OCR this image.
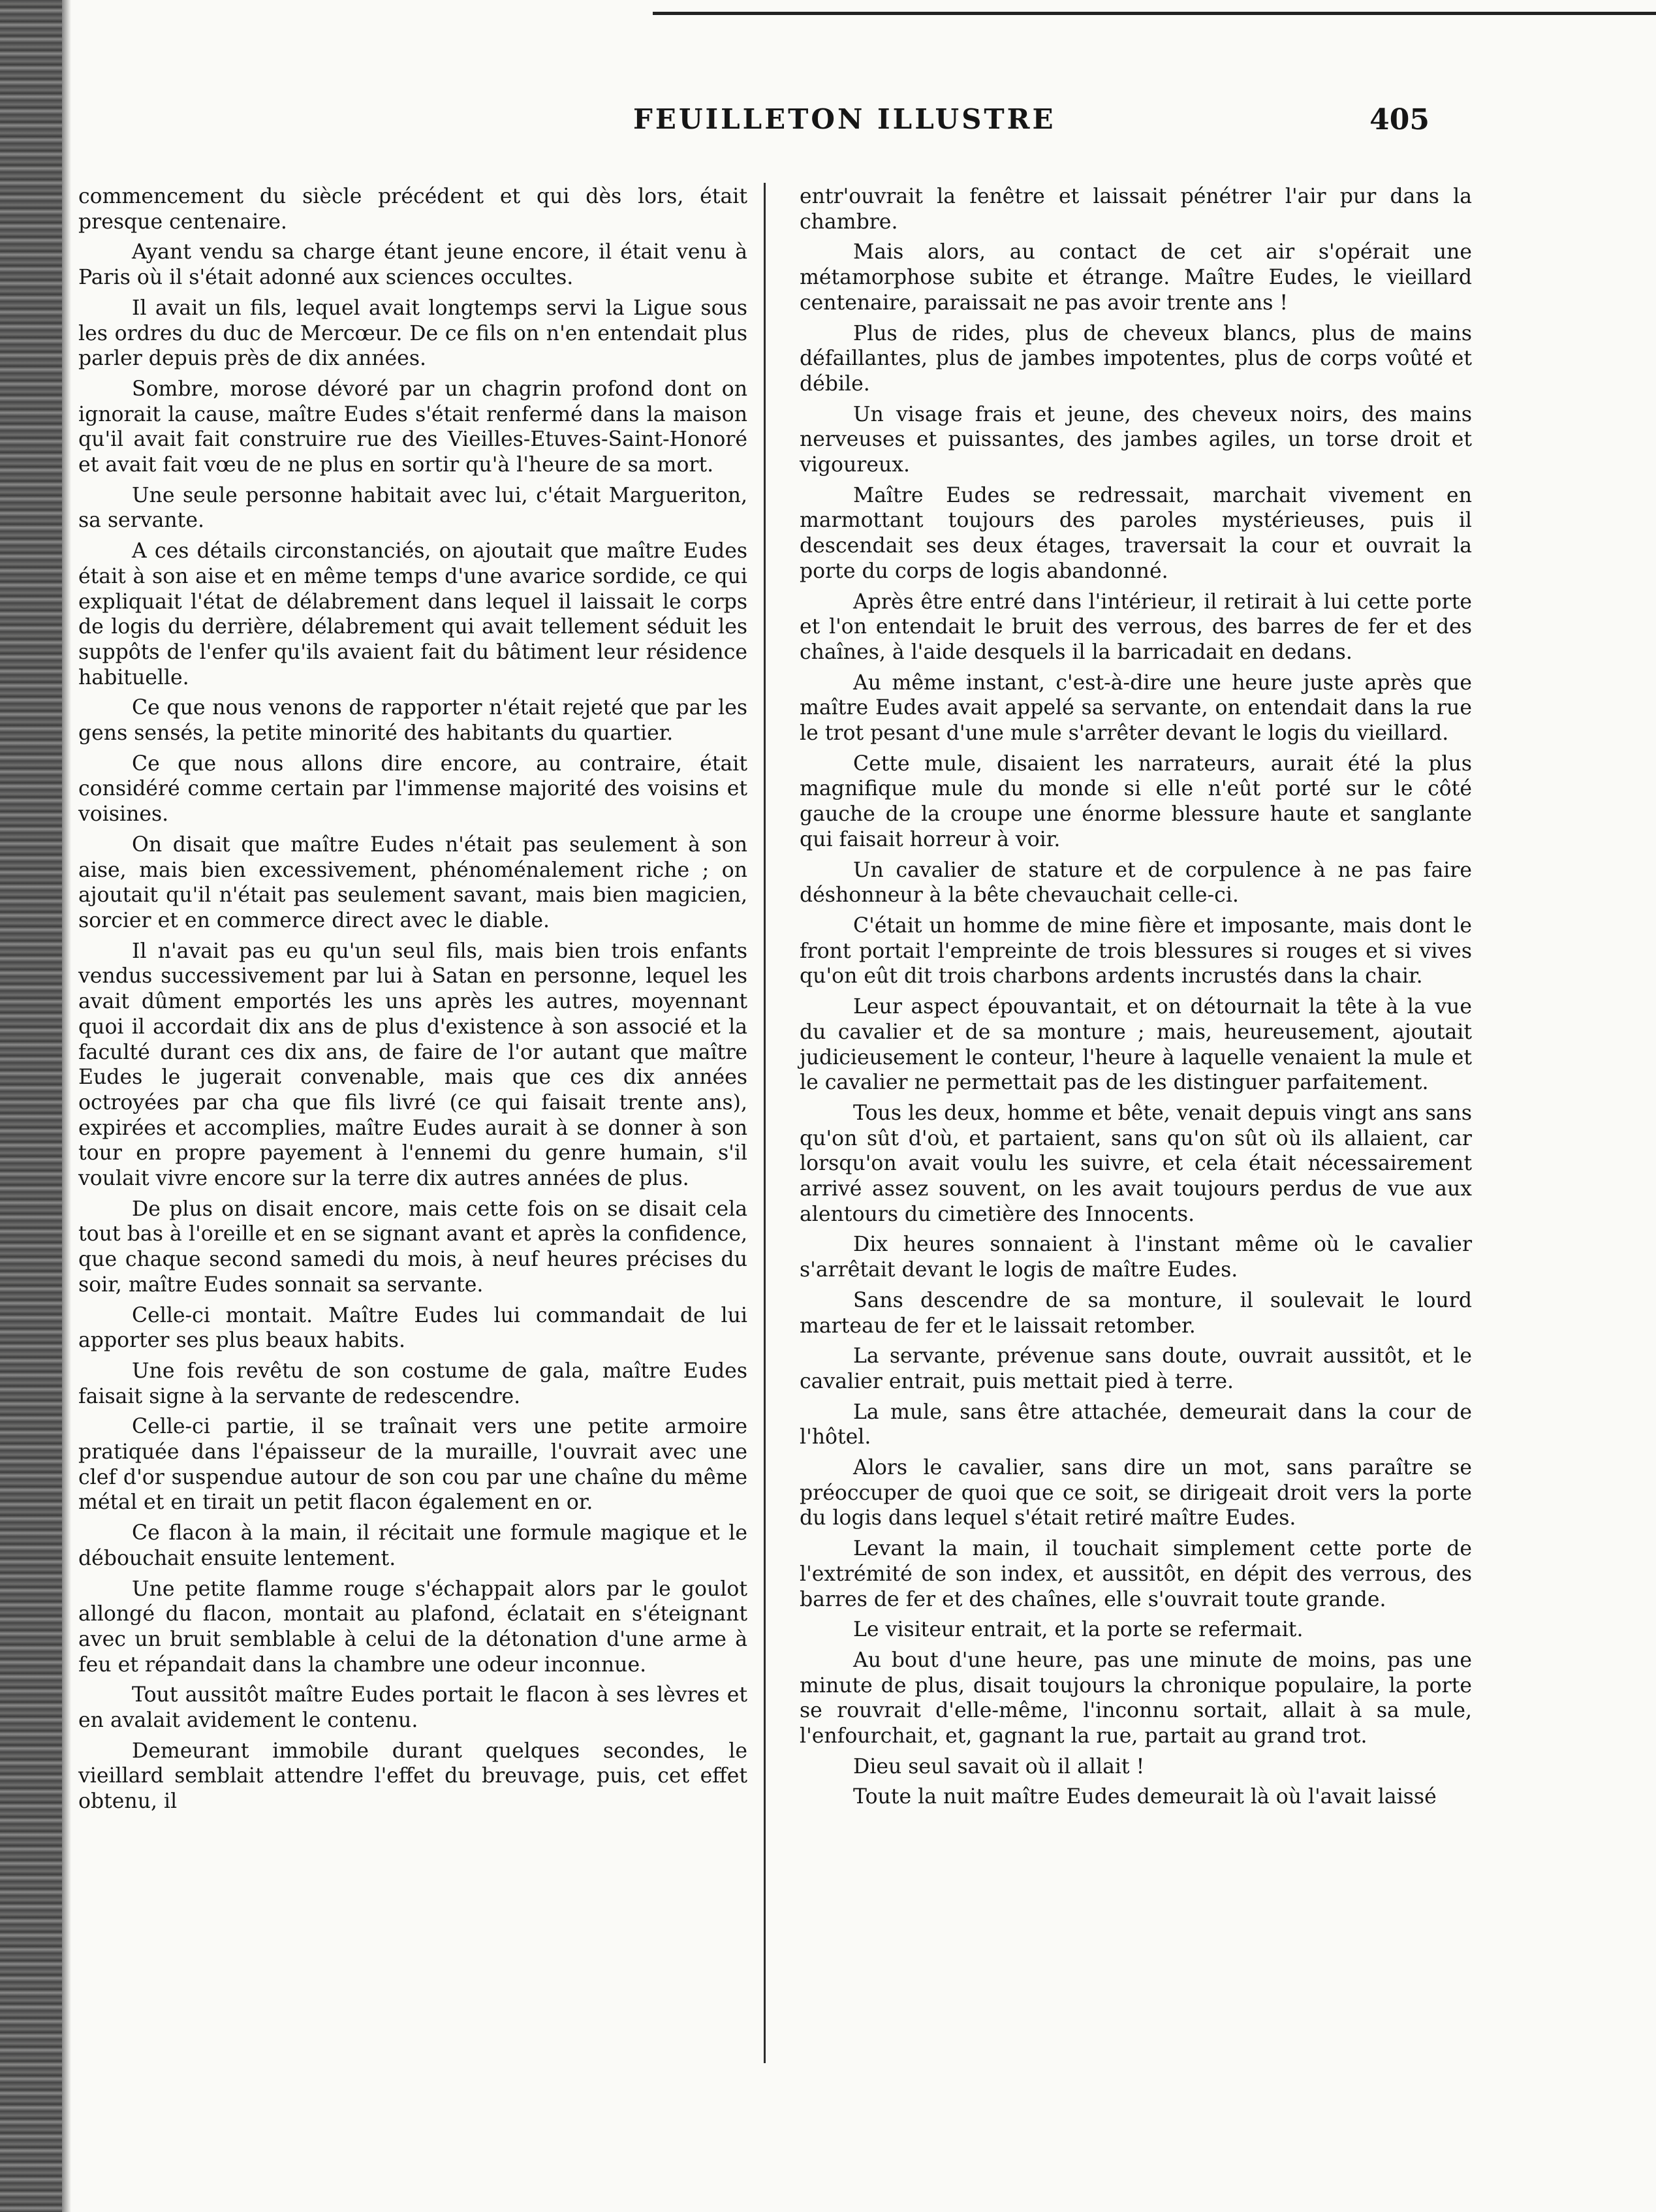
FEUILLETON ILLUSTRE	405

commencement du siècle précédent et qui dès lors, était presque centenaire.

Ayant vendu sa charge étant jeune encore, il était venu à Paris où il s'était adonné aux sciences occultes.

Il avait un fils, lequel avait longtemps servi la Ligue sous les ordres du duc de Mercœur. De ce fils on n'en entendait plus parler depuis près de dix années.

Sombre, morose dévoré par un chagrin profond dont on ignorait la cause, maître Eudes s'était renfermé dans la maison qu'il avait fait construire rue des Vieilles-Etuves-Saint-Honoré et avait fait vœu de ne plus en sortir qu'à l'heure de sa mort.

Une seule personne habitait avec lui, c'était Margueriton, sa servante.

A ces détails circonstanciés, on ajoutait que maître Eudes était à son aise et en même temps d'une avarice sordide, ce qui expliquait l'état de délabrement dans lequel il laissait le corps de logis du derrière, délabrement qui avait tellement séduit les suppôts de l'enfer qu'ils avaient fait du bâtiment leur résidence habituelle.

Ce que nous venons de rapporter n'était rejeté que par les gens sensés, la petite minorité des habitants du quartier.

Ce que nous allons dire encore, au contraire, était considéré comme certain par l'immense majorité des voisins et voisines.

On disait que maître Eudes n'était pas seulement à son aise, mais bien excessivement, phénoménalement riche ; on ajoutait qu'il n'était pas seulement savant, mais bien magicien, sorcier et en commerce direct avec le diable.

Il n'avait pas eu qu'un seul fils, mais bien trois enfants vendus successivement par lui à Satan en personne, lequel les avait dûment emportés les uns après les autres, moyennant quoi il accordait dix ans de plus d'existence à son associé et la faculté durant ces dix ans, de faire de l'or autant que maître Eudes le jugerait convenable, mais que ces dix années octroyées par cha que fils livré (ce qui faisait trente ans), expirées et accomplies, maître Eudes aurait à se donner à son tour en propre payement à l'ennemi du genre humain, s'il voulait vivre encore sur la terre dix autres années de plus.

De plus on disait encore, mais cette fois on se disait cela tout bas à l'oreille et en se signant avant et après la confidence, que chaque second samedi du mois, à neuf heures précises du soir, maître Eudes sonnait sa servante.

Celle-ci montait. Maître Eudes lui commandait de lui apporter ses plus beaux habits.

Une fois revêtu de son costume de gala, maître Eudes faisait signe à la servante de redescendre.

Celle-ci partie, il se traînait vers une petite armoire pratiquée dans l'épaisseur de la muraille, l'ouvrait avec une clef d'or suspendue autour de son cou par une chaîne du même métal et en tirait un petit flacon également en or.

Ce flacon à la main, il récitait une formule magique et le débouchait ensuite lentement.

Une petite flamme rouge s'échappait alors par le goulot allongé du flacon, montait au plafond, éclatait en s'éteignant avec un bruit semblable à celui de la détonation d'une arme à feu et répandait dans la chambre une odeur inconnue.

Tout aussitôt maître Eudes portait le flacon à ses lèvres et en avalait avidement le contenu.

Demeurant immobile durant quelques secondes, le vieillard semblait attendre l'effet du breuvage, puis, cet effet obtenu, il

entr'ouvrait la fenêtre et laissait pénétrer l'air pur dans la chambre.

Mais alors, au contact de cet air s'opérait une métamorphose subite et étrange. Maître Eudes, le vieillard centenaire, paraissait ne pas avoir trente ans !

Plus de rides, plus de cheveux blancs, plus de mains défaillantes, plus de jambes impotentes, plus de corps voûté et débile.

Un visage frais et jeune, des cheveux noirs, des mains nerveuses et puissantes, des jambes agiles, un torse droit et vigoureux.

Maître Eudes se redressait, marchait vivement en marmottant toujours des paroles mystérieuses, puis il descendait ses deux étages, traversait la cour et ouvrait la porte du corps de logis abandonné.

Après être entré dans l'intérieur, il retirait à lui cette porte et l'on entendait le bruit des verrous, des barres de fer et des chaînes, à l'aide desquels il la barricadait en dedans.

Au même instant, c'est-à-dire une heure juste après que maître Eudes avait appelé sa servante, on entendait dans la rue le trot pesant d'une mule s'arrêter devant le logis du vieillard.

Cette mule, disaient les narrateurs, aurait été la plus magnifique mule du monde si elle n'eût porté sur le côté gauche de la croupe une énorme blessure haute et sanglante qui faisait horreur à voir.

Un cavalier de stature et de corpulence à ne pas faire déshonneur à la bête chevauchait celle-ci.

C'était un homme de mine fière et imposante, mais dont le front portait l'empreinte de trois blessures si rouges et si vives qu'on eût dit trois charbons ardents incrustés dans la chair.

Leur aspect épouvantait, et on détournait la tête à la vue du cavalier et de sa monture ; mais, heureusement, ajoutait judicieusement le conteur, l'heure à laquelle venaient la mule et le cavalier ne permettait pas de les distinguer parfaitement.

Tous les deux, homme et bête, venait depuis vingt ans sans qu'on sût d'où, et partaient, sans qu'on sût où ils allaient, car lorsqu'on avait voulu les suivre, et cela était nécessairement arrivé assez souvent, on les avait toujours perdus de vue aux alentours du cimetière des Innocents.

Dix heures sonnaient à l'instant même où le cavalier s'arrêtait devant le logis de maître Eudes.

Sans descendre de sa monture, il soulevait le lourd marteau de fer et le laissait retomber.

La servante, prévenue sans doute, ouvrait aussitôt, et le cavalier entrait, puis mettait pied à terre.

La mule, sans être attachée, demeurait dans la cour de l'hôtel.

Alors le cavalier, sans dire un mot, sans paraître se préoccuper de quoi que ce soit, se dirigeait droit vers la porte du logis dans lequel s'était retiré maître Eudes.

Levant la main, il touchait simplement cette porte de l'extrémité de son index, et aussitôt, en dépit des verrous, des barres de fer et des chaînes, elle s'ouvrait toute grande.

Le visiteur entrait, et la porte se refermait.

Au bout d'une heure, pas une minute de moins, pas une minute de plus, disait toujours la chronique populaire, la porte se rouvrait d'elle-même, l'inconnu sortait, allait à sa mule, l'enfourchait, et, gagnant la rue, partait au grand trot.

Dieu seul savait où il allait !

Toute la nuit maître Eudes demeurait là où l'avait laissé
